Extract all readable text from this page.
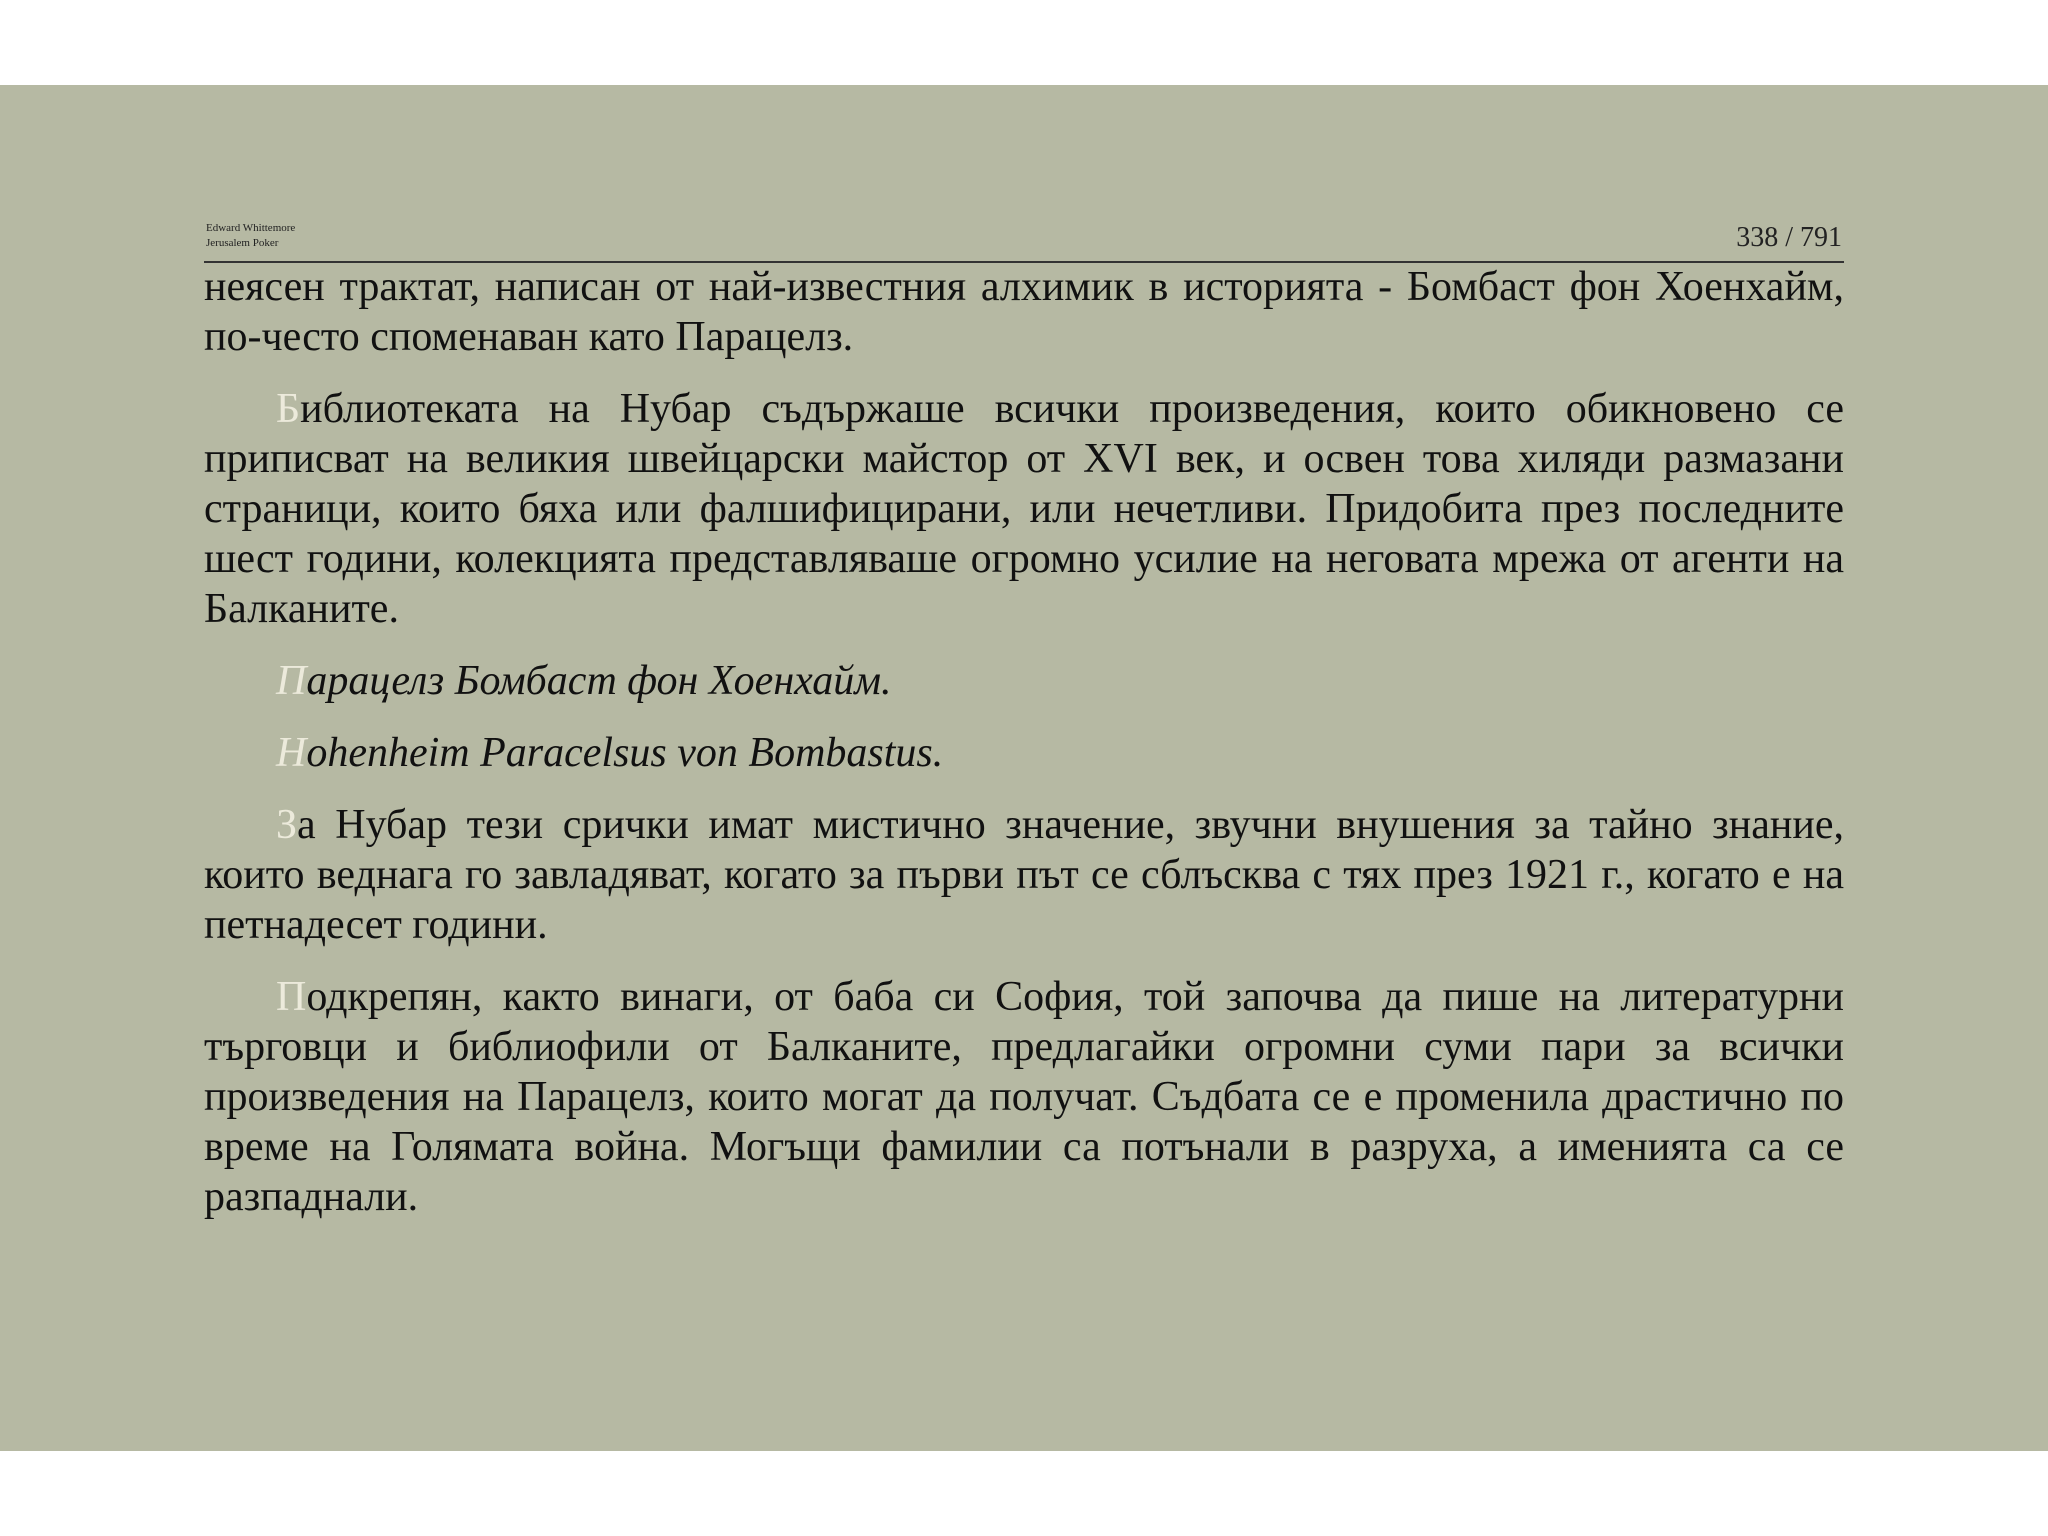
Edward Whittemore
Jerusalem Poker	338 / 791

неясен трактат, написан от най-известния алхимик в историята - Бомбаст фон Хоенхайм, по-често споменаван като Парацелз.

Библиотеката на Нубар съдържаше всички произведения, които обикновено се приписват на великия швейцарски майстор от XVI век, и освен това хиляди размазани страници, които бяха или фалшифицирани, или нечетливи. Придобита през последните шест години, колекцията представляваше огромно усилие на неговата мрежа от агенти на Балканите.

Парацелз Бомбаст фон Хоенхайм.

Hohenheim Paracelsus von Bombastus.

За Нубар тези срички имат мистично значение, звучни внушения за тайно знание, които веднага го завладяват, когато за първи път се сблъсква с тях през 1921 г., когато е на петнадесет години.

Подкрепян, както винаги, от баба си София, той започва да пише на литературни търговци и библиофили от Балканите, предлагайки огромни суми пари за всички произведения на Парацелз, които могат да получат. Съдбата се е променила драстично по време на Голямата война. Могъщи фамилии са потънали в разруха, а имeнията са се разпаднали.
